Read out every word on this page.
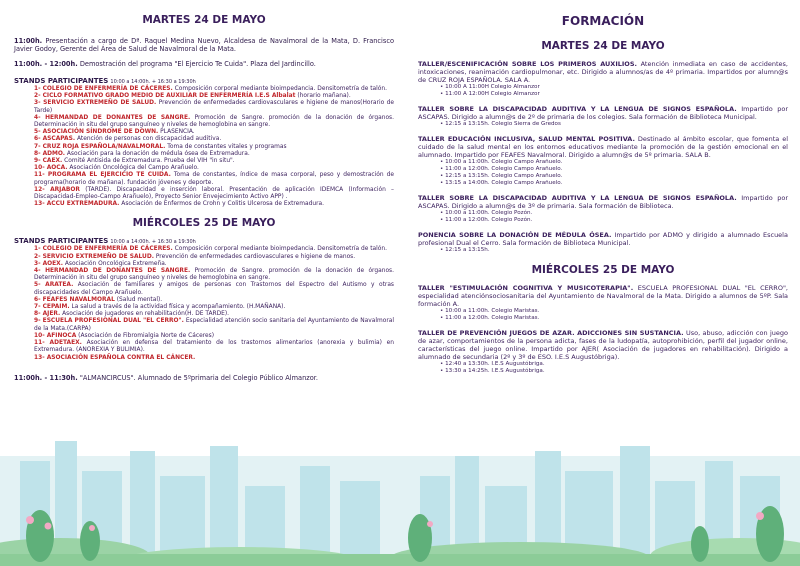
MARTES 24 DE MAYO

11:00h. Presentación a cargo de Dª. Raquel Medina Nuevo, Alcaldesa de Navalmoral de la Mata, D. Francisco Javier Godoy, Gerente del Área de Salud de Navalmoral de la Mata.

11:00h. - 12:00h. Demostración del programa "El Ejercicio Te Cuida". Plaza del Jardincillo.

STANDS PARTICIPANTES 10:00 a 14:00h. + 16:30 a 19:30h

1- COLEGIO DE ENFERMERÍA DE CÁCERES. Composición corporal mediante bioimpedancia. Densitometría de talón.
2- CICLO FORMATIVO GRADO MEDIO DE AUXILIAR DE ENFERMERÍA I.E.S Albalat (horario mañana).
3- SERVICIO EXTREMEÑO DE SALUD. Prevención de enfermedades cardiovasculares e higiene de manos(Horario de Tarde)
4- HERMANDAD DE DONANTES DE SANGRE. Promoción de Sangre. promoción de la donación de órganos. Determinación in situ del grupo sanguíneo y niveles de hemoglobina en sangre.
5- ASOCIACIÓN SÍNDROME DE DOWN. PLASENCIA.
6- ASCAPAS. Atención de personas con discapacidad auditiva.
7- CRUZ ROJA ESPAÑOLA/NAVALMORAL. Toma de constantes vitales y programas
8- ADMO. Asociación para la donación de médula ósea de Extremadura.
9- CAEX. Comité Antisida de Extremadura. Prueba del VIH "in situ".
10- AOCA. Asociación Oncológica del Campo Arañuelo.
11- PROGRAMA EL EJERCICIO TE CUIDA. Toma de constantes, índice de masa corporal, peso y demostración de programa(horario de mañana). fundación jóvenes y deporte.
12- ARJABOR (TARDE). Discapacidad e inserción laboral. Presentación de aplicación IDEMCA (Información –Discapacidad-Empleo-Campo Arañuelo), Proyecto Senior Envejecimiento Activo APP) .
13- ACCU EXTREMADURA. Asociación de Enfermos de Crohn y Colitis Ulcerosa de Extremadura.
MIÉRCOLES 25 DE MAYO

STANDS PARTICIPANTES 10:00 a 14:00h. + 16:30 a 19:30h

1- COLEGIO DE ENFERMERÍA DE CÁCERES. Composición corporal mediante bioimpedancia. Densitometría de talón.
2- SERVICIO EXTREMEÑO DE SALUD. Prevención de enfermedades cardiovasculares e higiene de manos.
3- AOEX. Asociación Oncológica Extremeña.
4- HERMANDAD DE DONANTES DE SANGRE. Promoción de Sangre. promoción de la donación de órganos. Determinación in situ del grupo sanguíneo y niveles de hemoglobina en sangre.
5- ARATEA. Asociación de familiares y amigos de personas con Trastornos del Espectro del Autismo y otras discapacidades del Campo Arañuelo.
6- FEAFES NAVALMORAL (Salud mental).
7- CEPAIM. La salud a través de la actividad física y acompañamiento. (H.MAÑANA).
8- AJER. Asociación de jugadores en rehabilitación(H. DE TARDE).
9- ESCUELA PROFESIONAL DUAL "EL CERRO". Especialidad atención socio sanitaria del Ayuntamiento de Navalmoral de la Mata.(CARPA)
10- AFINOCA (Asociación de Fibromialgia Norte de Cáceres)
11- ADETAEX. Asociación en defensa del tratamiento de los trastornos alimentarios (anorexia y bulimia) en Extremadura. (ANOREXIA Y BULIMIA).
13- ASOCIACIÓN ESPAÑOLA CONTRA EL CÁNCER.

11:00h. - 11:30h. "ALMANCIRCUS". Alumnado de 5ºprimaria del Colegio Público Almanzor.

FORMACIÓN
MARTES 24 DE MAYO
TALLER/ESCENIFICACIÓN SOBRE LOS PRIMEROS AUXILIOS. Atención inmediata en caso de accidentes, intoxicaciones, reanimación cardiopulmonar, etc. Dirigido a alumnos/as de 4º primaria. Impartidos por alumn@s de CRUZ ROJA ESPAÑOLA. SALA A.
• 10:00 A 11:00H Colegio Almanzor
• 11:00 A 12:00H Colegio Almanzor
TALLER SOBRE LA DISCAPACIDAD AUDITIVA Y LA LENGUA DE SIGNOS ESPAÑOLA. Impartido por ASCAPAS. Dirigido a alumn@s de 2º de primaria de los colegios. Sala formación de Biblioteca Municipal.
• 12:15 a 13:15h. Colegio Sierra de Gredos
TALLER EDUCACIÓN INCLUSIVA, SALUD MENTAL POSITIVA. Destinado al ámbito escolar, que fomenta el cuidado de la salud mental en los entornos educativos mediante la promoción de la gestión emocional en el alumnado. Impartido por FEAFES Navalmoral. Dirigido a alumn@s de 5º primaria. SALA B.
• 10:00 a 11:00h. Colegio Campo Arañuelo.
• 11:00 a 12:00h. Colegio Campo Arañuelo.
• 12:15 a 13:15h. Colegio Campo Arañuelo.
• 13:15 a 14:00h. Colegio Campo Arañuelo.
TALLER SOBRE LA DISCAPACIDAD AUDITIVA Y LA LENGUA DE SIGNOS ESPAÑOLA. Impartido por ASCAPAS. Dirigido a alumn@s de 3º de primaria. Sala formación de Biblioteca.
• 10:00 a 11:00h. Colegio Pozón.
• 11:00 a 12:00h. Colegio Pozón.
PONENCIA SOBRE LA DONACIÓN DE MÉDULA ÓSEA. Impartido por ADMO y dirigido a alumnado Escuela profesional Dual el Cerro. Sala formación de Biblioteca Municipal.
• 12:15 a 13:15h.
MIÉRCOLES 25 DE MAYO
TALLER "ESTIMULACIÓN COGNITIVA Y MUSICOTERAPIA". ESCUELA PROFESIONAL DUAL "EL CERRO", especialidad atenciónsociosanitaria del Ayuntamiento de Navalmoral de la Mata. Dirigido a alumnos de 5ºP. Sala formación A.
• 10:00 a 11:00h. Colegio Maristas.
• 11:00 a 12:00h. Colegio Maristas.
TALLER DE PREVENCIÓN JUEGOS DE AZAR. ADICCIONES SIN SUSTANCIA. Uso, abuso, adicción con juego de azar, comportamientos de la persona adicta, fases de la ludopatía, autoprohibición, perfil del jugador online, características del juego online. Impartido por AJER( Asociación de jugadores en rehabilitación). Dirigido a alumnado de secundaria (2º y 3º de ESO. I.E.S Augustóbriga).
• 12:40 a 13:30h. I.E.S Augustóbriga.
• 13:30 a 14:25h. I.E.S Augustóbriga.
